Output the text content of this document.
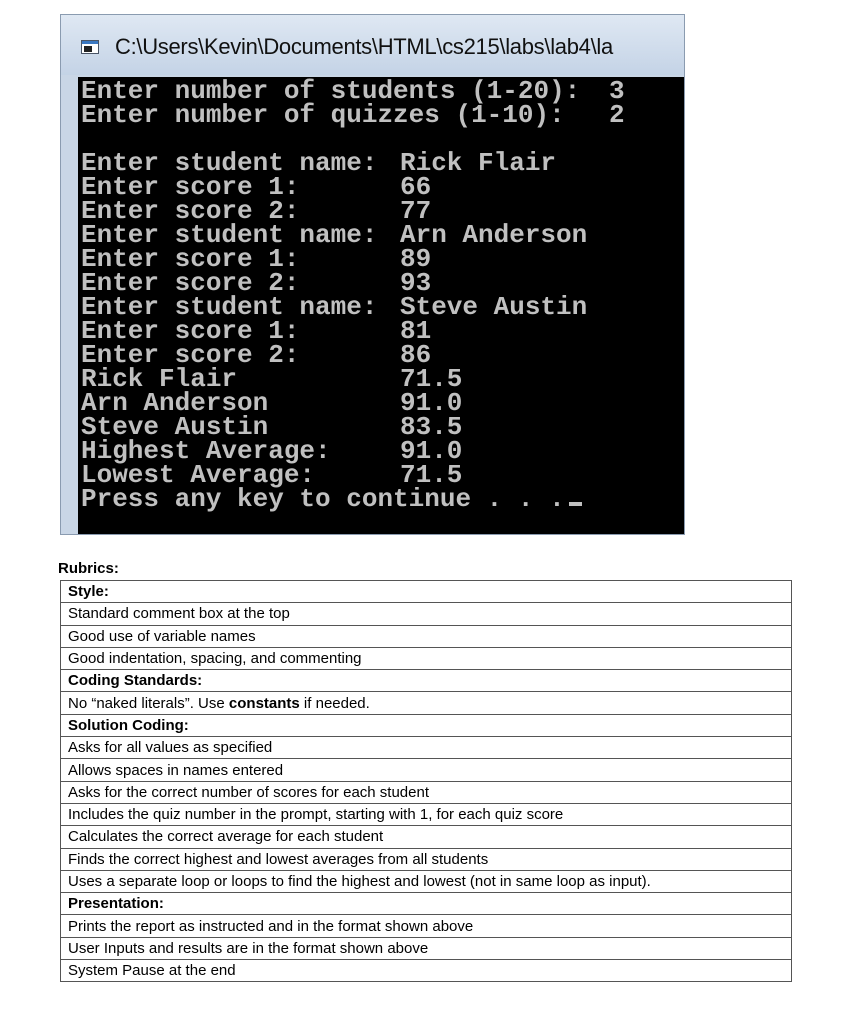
C:\Users\Kevin\Documents\HTML\cs215\labs\lab4\la

Enter number of students (1-20):

3

Enter number of quizzes (1-10):

2

Enter student name: Rick Flair
Enter score 1:	66
Enter score 2:	77
Enter student name: Arn Anderson
Enter score 1:	89
Enter score 2:	93
Enter student name: Steve Austin
Enter score 1:	81
Enter score 2:	86
Rick Flair	71.5
Arn Anderson	91.0
Steve Austin	83.5
Highest Average:	91.0
Lowest Average:	71.5

Press any key to continue . . .

Rubrics:
Style:
Standard comment box at the top
Good use of variable names
Good indentation, spacing, and commenting
Coding Standards:
No “naked literals”. Use constants if needed.
Solution Coding:
Asks for all values as specified
Allows spaces in names entered
Asks for the correct number of scores for each student
Includes the quiz number in the prompt, starting with 1, for each quiz score
Calculates the correct average for each student
Finds the correct highest and lowest averages from all students
Uses a separate loop or loops to find the highest and lowest (not in same loop as input).
Presentation:
Prints the report as instructed and in the format shown above
User Inputs and results are in the format shown above
System Pause at the end
